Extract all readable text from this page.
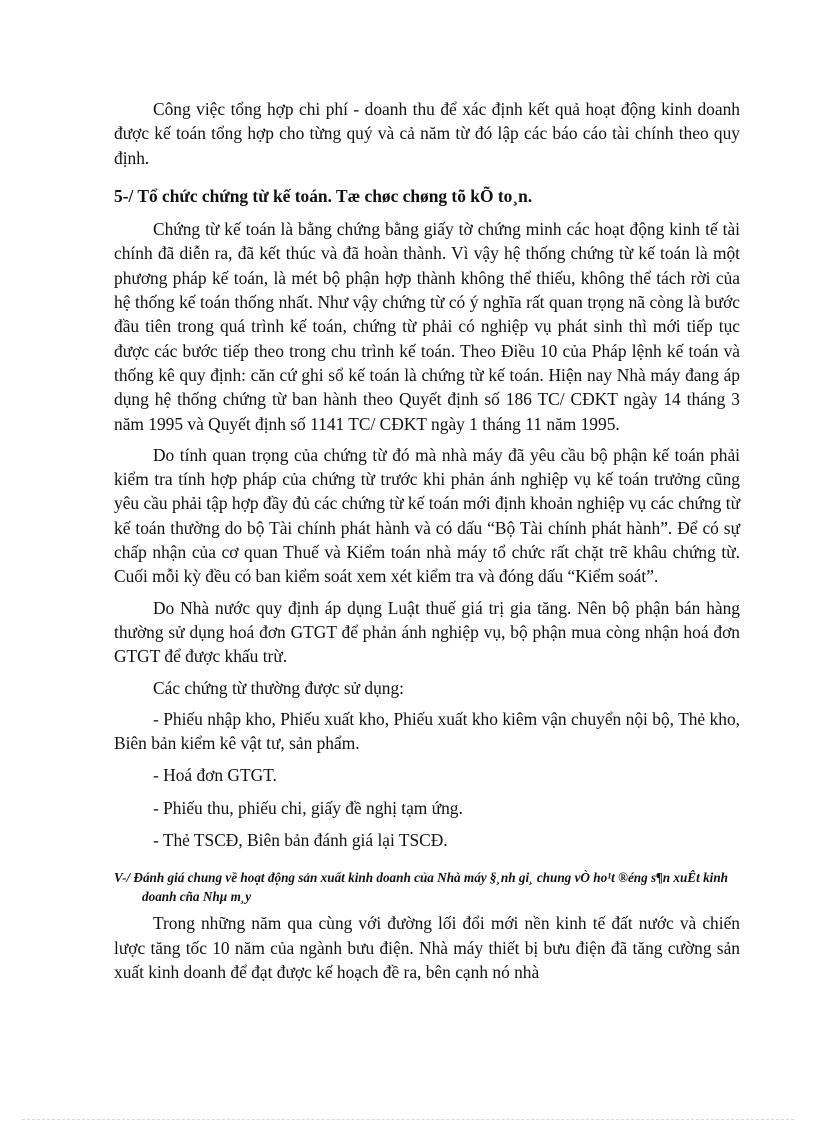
Công việc tổng hợp chi phí - doanh thu để xác định kết quả hoạt động kinh doanh được kế toán tổng hợp cho từng quý và cả năm từ đó lập các báo cáo tài chính theo quy định.

5-/ Tổ chức chứng từ kế toán. Tæ chøc chøng tõ kÕ to¸n.

Chứng từ kế toán là bằng chứng bằng giấy tờ chứng minh các hoạt động kinh tế tài chính đã diễn ra, đã kết thúc và đã hoàn thành. Vì vậy hệ thống chứng từ kế toán là một phương pháp kế toán, là mét bộ phận hợp thành không thể thiếu, không thể tách rời của hệ thống kế toán thống nhất. Như vậy chứng từ có ý nghĩa rất quan trọng nã còng là bước đầu tiên trong quá trình kế toán, chứng từ phải có nghiệp vụ phát sinh thì mới tiếp tục được các bước tiếp theo trong chu trình kế toán. Theo Điều 10 của Pháp lệnh kế toán và thống kê quy định: căn cứ ghi sổ kế toán là chứng từ kế toán. Hiện nay Nhà máy đang áp dụng hệ thống chứng từ ban hành theo Quyết định số 186 TC/ CĐKT ngày 14 tháng 3 năm 1995 và Quyết định số 1141 TC/ CĐKT ngày 1 tháng 11 năm 1995.

Do tính quan trọng của chứng từ đó mà nhà máy đã yêu cầu bộ phận kế toán phải kiểm tra tính hợp pháp của chứng từ trước khi phản ánh nghiệp vụ kế toán trưởng cũng yêu cầu phải tập hợp đầy đủ các chứng từ kế toán mới định khoản nghiệp vụ các chứng từ kế toán thường do bộ Tài chính phát hành và có dấu “Bộ Tài chính phát hành”. Để có sự chấp nhận của cơ quan Thuế và Kiểm toán nhà máy tổ chức rất chặt trẽ khâu chứng từ. Cuối mỗi kỳ đều có ban kiểm soát xem xét kiểm tra và đóng dấu “Kiểm soát”.

Do Nhà nước quy định áp dụng Luật thuế giá trị gia tăng. Nên bộ phận bán hàng thường sử dụng hoá đơn GTGT để phản ánh nghiệp vụ, bộ phận mua còng nhận hoá đơn GTGT để được khấu trừ.

Các chứng từ thường được sử dụng:

- Phiếu nhập kho, Phiếu xuất kho, Phiếu xuất kho kiêm vận chuyển nội bộ, Thẻ kho, Biên bản kiểm kê vật tư, sản phẩm.

- Hoá đơn GTGT.

- Phiếu thu, phiếu chi, giấy đề nghị tạm ứng.

- Thẻ TSCĐ, Biên bản đánh giá lại TSCĐ.

V-/ Đánh giá chung về hoạt động sản xuất kinh doanh của Nhà máy §¸nh gi¸ chung vÒ ho¹t ®éng s¶n xuÊt kinh doanh cña Nhµ m¸y

Trong những năm qua cùng với đường lối đổi mới nền kinh tế đất nước và chiến lược tăng tốc 10 năm của ngành bưu điện. Nhà máy thiết bị bưu điện đã tăng cường sản xuất kinh doanh để đạt được kế hoạch đề ra, bên cạnh nó nhà
